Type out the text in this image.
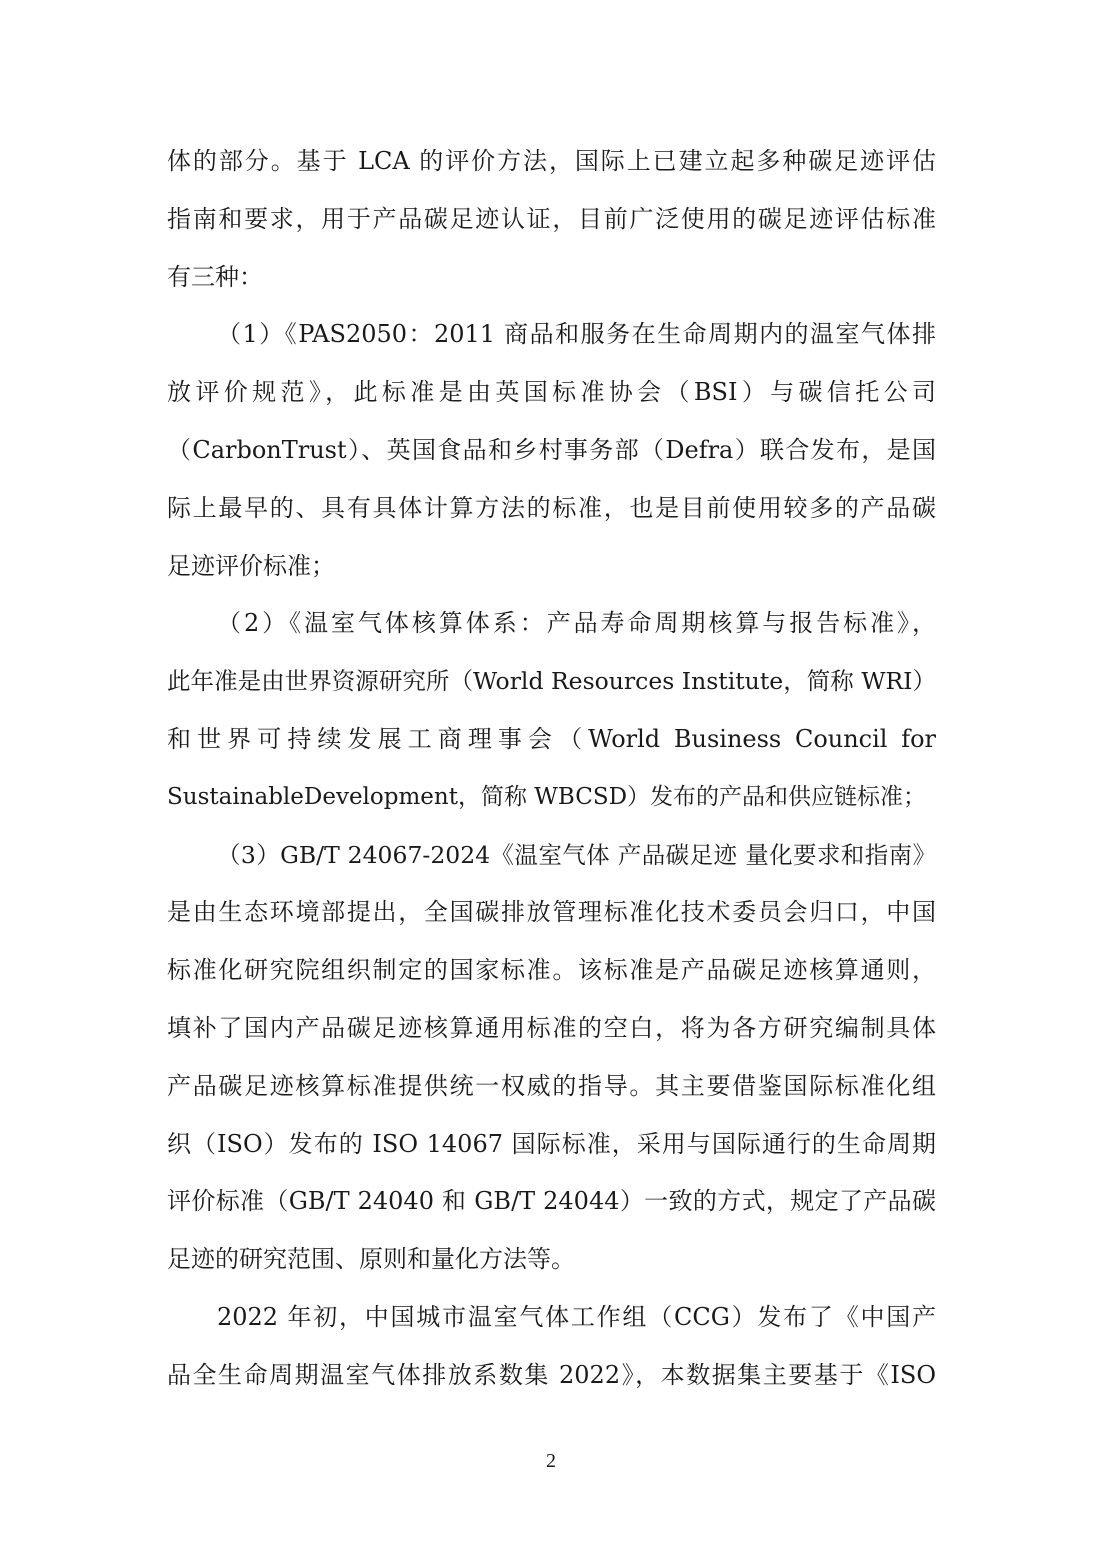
体的部分。基于 LCA 的评价方法，国际上已建立起多种碳足迹评估
指南和要求，用于产品碳足迹认证，目前广泛使用的碳足迹评估标准
有三种：
（1）《PAS2050：2011 商品和服务在生命周期内的温室气体排
放评价规范》，此标准是由英国标准协会（BSI）与碳信托公司
（CarbonTrust）、英国食品和乡村事务部（Defra）联合发布，是国
际上最早的、具有具体计算方法的标准，也是目前使用较多的产品碳
足迹评价标准；
（2）《温室气体核算体系：产品寿命周期核算与报告标准》，
此年准是由世界资源研究所（World Resources Institute，简称 WRI）
和世界可持续发展工商理事会（World Business Council for
SustainableDevelopment，简称 WBCSD）发布的产品和供应链标准；
（3）GB/T 24067-2024《温室气体 产品碳足迹 量化要求和指南》
是由生态环境部提出，全国碳排放管理标准化技术委员会归口，中国
标准化研究院组织制定的国家标准。该标准是产品碳足迹核算通则，
填补了国内产品碳足迹核算通用标准的空白，将为各方研究编制具体
产品碳足迹核算标准提供统一权威的指导。其主要借鉴国际标准化组
织（ISO）发布的 ISO 14067 国际标准，采用与国际通行的生命周期
评价标准（GB/T 24040 和 GB/T 24044）一致的方式，规定了产品碳
足迹的研究范围、原则和量化方法等。
2022 年初，中国城市温室气体工作组（CCG）发布了《中国产
品全生命周期温室气体排放系数集 2022》，本数据集主要基于《ISO
2
